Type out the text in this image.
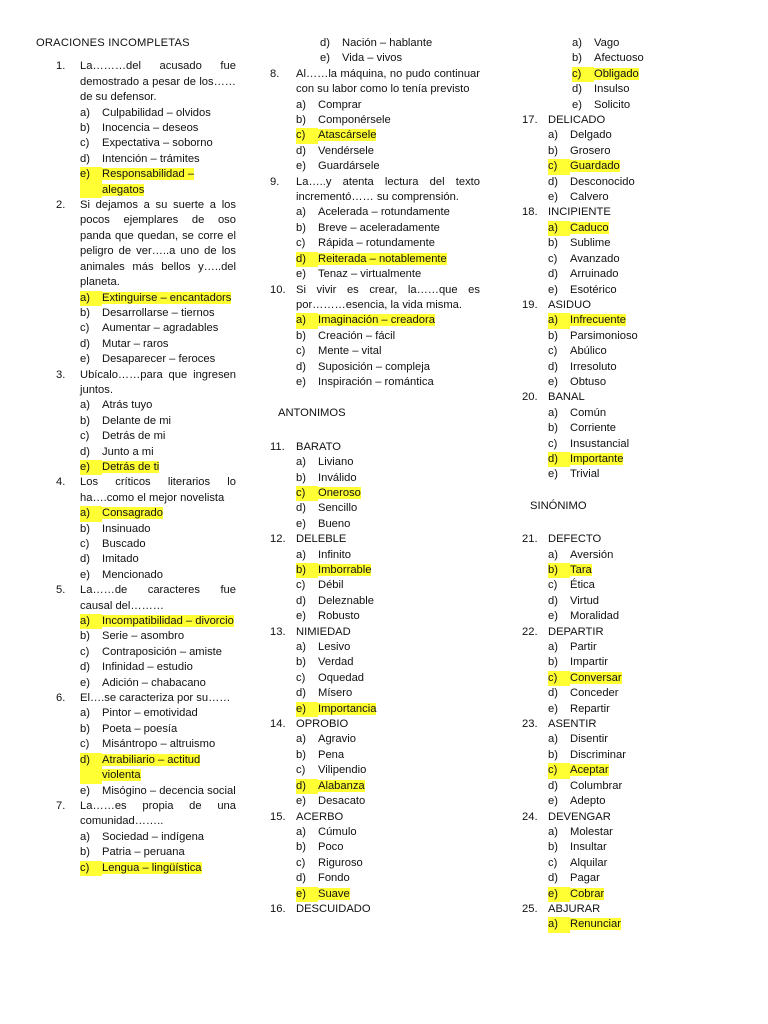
ORACIONES INCOMPLETAS
1. La………del acusado fue demostrado a pesar de los…… de su defensor.
a)	Culpabilidad – olvidos
b)	Inocencia – deseos
c)	Expectativa – soborno
d)	Intención – trámites
e)	Responsabilidad – alegatos
2. Si dejamos a su suerte a los pocos ejemplares de oso panda que quedan, se corre el peligro de ver…..a uno de los animales más bellos y…..del planeta.
a)	Extinguirse – encantadors
b)	Desarrollarse – tiernos
c)	Aumentar – agradables
d)	Mutar – raros
e)	Desaparecer – feroces
3. Ubícalo……para que ingresen juntos.
a)	Atrás tuyo
b)	Delante de mi
c)	Detrás de mi
d)	Junto a mi
e)	Detrás de ti
4. Los críticos literarios lo ha….como el mejor novelista
a)	Consagrado
b)	Insinuado
c)	Buscado
d)	Imitado
e)	Mencionado
5. La……de caracteres fue causal del………
a)	Incompatibilidad – divorcio
b)	Serie – asombro
c)	Contraposición – amiste
d)	Infinidad – estudio
e)	Adición – chabacano
6. El….se caracteriza por su……
a)	Pintor – emotividad
b)	Poeta – poesía
c)	Misántropo – altruismo
d)	Atrabiliario – actitud violenta
e)	Misógino – decencia social
7. La……es propia de una comunidad……..
a)	Sociedad – indígena
b)	Patria – peruana
c)	Lengua – lingüística
d)	Nación – hablante
e)	Vida – vivos
8.	Al……la máquina, no pudo continuar con su labor como lo tenía previsto
a)	Comprar
b)	Componérsele
c)	Atascársele
d)	Vendérsele
e)	Guardársele
9.	La…..y atenta lectura del texto incrementó…… su comprensión.
a)	Acelerada – rotundamente
b)	Breve – aceleradamente
c)	Rápida – rotundamente
d)	Reiterada – notablemente
e)	Tenaz – virtualmente
10. Si vivir es crear, la……que es por………esencia, la vida misma.
a)	Imaginación – creadora
b)	Creación – fácil
c)	Mente – vital
d)	Suposición – compleja
e)	Inspiración – romántica
ANTONIMOS
11. BARATO
a)	Liviano
b)	Inválido
c)	Oneroso
d)	Sencillo
e)	Bueno
12. DELEBLE
a)	Infinito
b)	Imborrable
c)	Débil
d)	Deleznable
e)	Robusto
13. NIMIEDAD
a)	Lesivo
b)	Verdad
c)	Oquedad
d)	Mísero
e)	Importancia
14. OPROBIO
a)	Agravio
b)	Pena
c)	Vilipendio
d)	Alabanza
e)	Desacato
15. ACERBO
a)	Cúmulo
b)	Poco
c)	Riguroso
d)	Fondo
e)	Suave
16. DESCUIDADO
a)	Vago
b)	Afectuoso
c)	Obligado
d)	Insulso
e)	Solicito
17. DELICADO
a)	Delgado
b)	Grosero
c)	Guardado
d)	Desconocido
e)	Calvero
18. INCIPIENTE
a)	Caduco
b)	Sublime
c)	Avanzado
d)	Arruinado
e)	Esotérico
19. ASIDUO
a)	Infrecuente
b)	Parsimonioso
c)	Abúlico
d)	Irresoluto
e)	Obtuso
20. BANAL
a)	Común
b)	Corriente
c)	Insustancial
d)	Importante
e)	Trivial
SINÓNIMO
21. DEFECTO
a)	Aversión
b)	Tara
c)	Ética
d)	Virtud
e)	Moralidad
22. DEPARTIR
a)	Partir
b)	Impartir
c)	Conversar
d)	Conceder
e)	Repartir
23. ASENTIR
a)	Disentir
b)	Discriminar
c)	Aceptar
d)	Columbrar
e)	Adepto
24. DEVENGAR
a)	Molestar
b)	Insultar
c)	Alquilar
d)	Pagar
e)	Cobrar
25. ABJURAR
a)	Renunciar
